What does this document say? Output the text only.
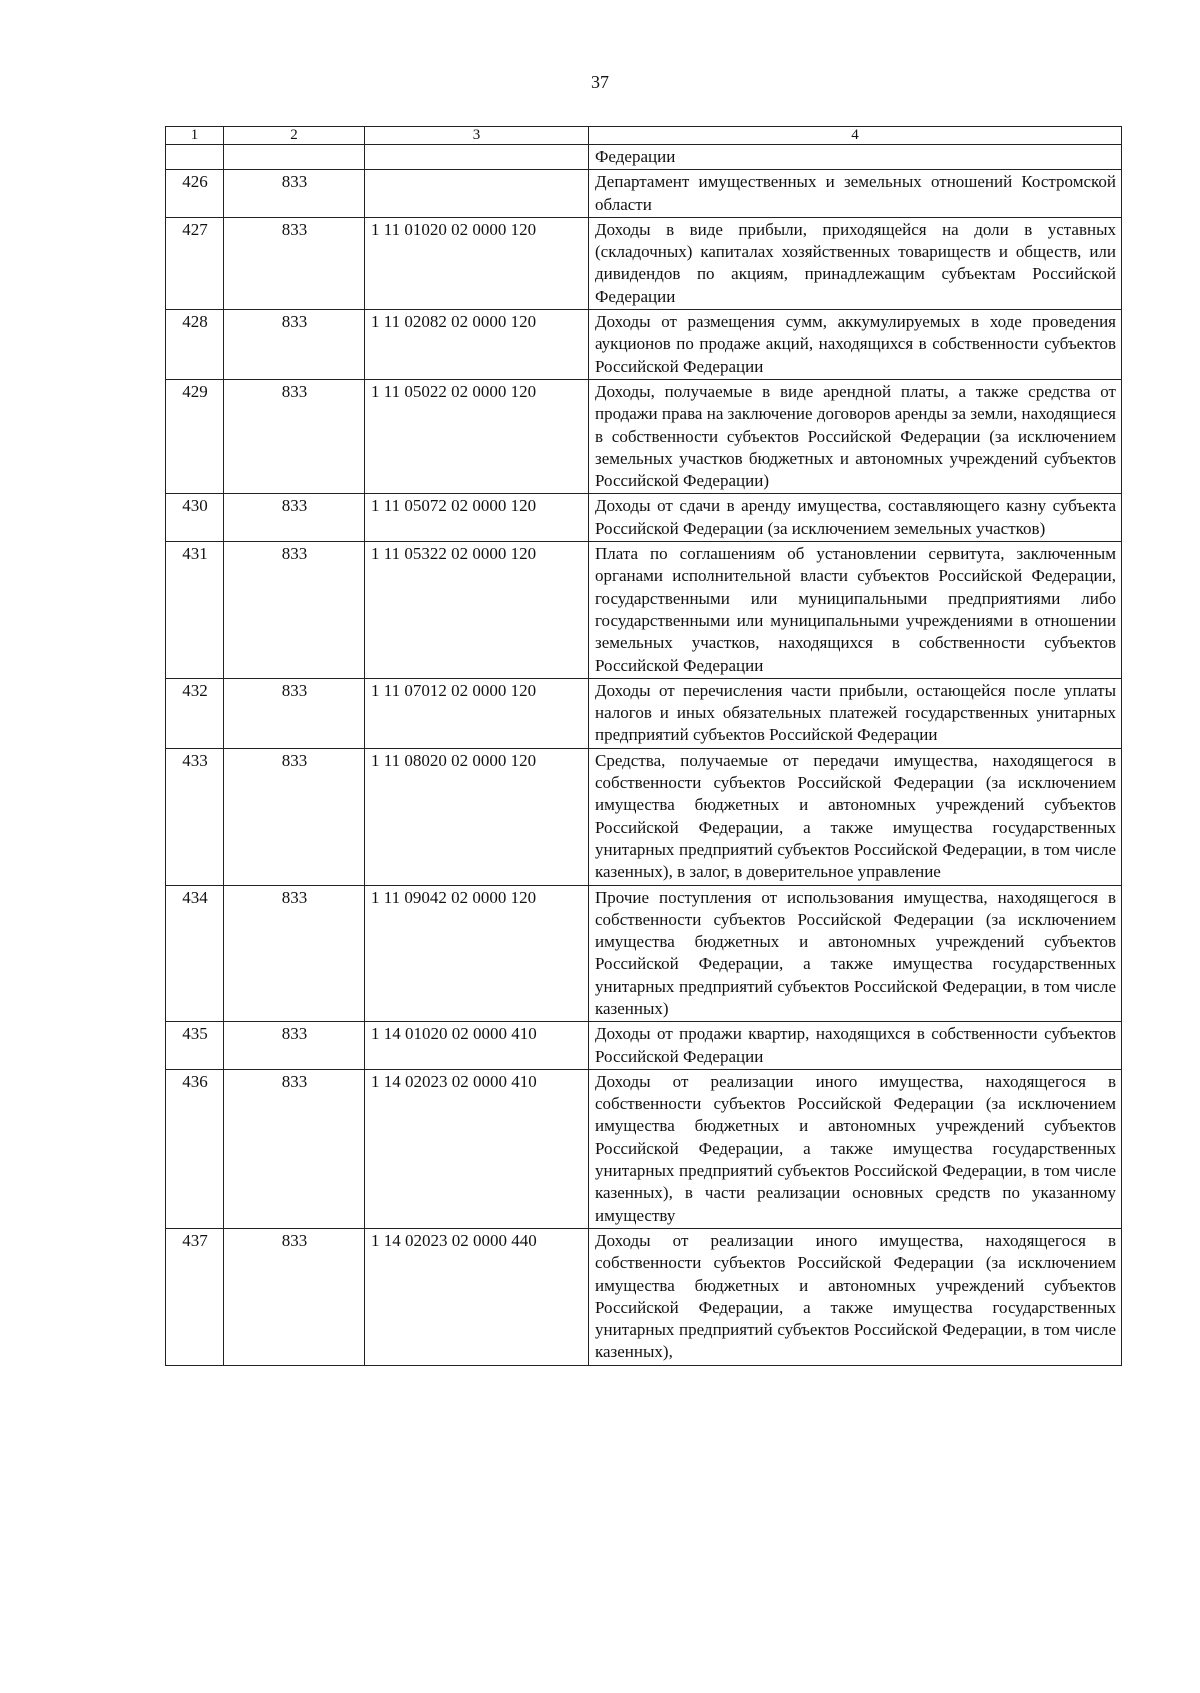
37
1	2	3	4
			Федерации
426	833		Департамент имущественных и земельных отношений Костромской области
427	833	1 11 01020 02 0000 120	Доходы в виде прибыли, приходящейся на доли в уставных (складочных) капиталах хозяйственных товариществ и обществ, или дивидендов по акциям, принадлежащим субъектам Российской Федерации
428	833	1 11 02082 02 0000 120	Доходы от размещения сумм, аккумулируемых в ходе проведения аукционов по продаже акций, находящихся в собственности субъектов Российской Федерации
429	833	1 11 05022 02 0000 120	Доходы, получаемые в виде арендной платы, а также средства от продажи права на заключение договоров аренды за земли, находящиеся в собственности субъектов Российской Федерации (за исключением земельных участков бюджетных и автономных учреждений субъектов Российской Федерации)
430	833	1 11 05072 02 0000 120	Доходы от сдачи в аренду имущества, составляющего казну субъекта Российской Федерации (за исключением земельных участков)
431	833	1 11 05322 02 0000 120	Плата по соглашениям об установлении сервитута, заключенным органами исполнительной власти субъектов Российской Федерации, государственными или муниципальными предприятиями либо государственными или муниципальными учреждениями в отношении земельных участков, находящихся в собственности субъектов Российской Федерации
432	833	1 11 07012 02 0000 120	Доходы от перечисления части прибыли, остающейся после уплаты налогов и иных обязательных платежей государственных унитарных предприятий субъектов Российской Федерации
433	833	1 11 08020 02 0000 120	Средства, получаемые от передачи имущества, находящегося в собственности субъектов Российской Федерации (за исключением имущества бюджетных и автономных учреждений субъектов Российской Федерации, а также имущества государственных унитарных предприятий субъектов Российской Федерации, в том числе казенных), в залог, в доверительное управление
434	833	1 11 09042 02 0000 120	Прочие поступления от использования имущества, находящегося в собственности субъектов Российской Федерации (за исключением имущества бюджетных и автономных учреждений субъектов Российской Федерации, а также имущества государственных унитарных предприятий субъектов Российской Федерации, в том числе казенных)
435	833	1 14 01020 02 0000 410	Доходы от продажи квартир, находящихся в собственности субъектов Российской Федерации
436	833	1 14 02023 02 0000 410	Доходы от реализации иного имущества, находящегося в собственности субъектов Российской Федерации (за исключением имущества бюджетных и автономных учреждений субъектов Российской Федерации, а также имущества государственных унитарных предприятий субъектов Российской Федерации, в том числе казенных), в части реализации основных средств по указанному имуществу
437	833	1 14 02023 02 0000 440	Доходы от реализации иного имущества, находящегося в собственности субъектов Российской Федерации (за исключением имущества бюджетных и автономных учреждений субъектов Российской Федерации, а также имущества государственных унитарных предприятий субъектов Российской Федерации, в том числе казенных),
